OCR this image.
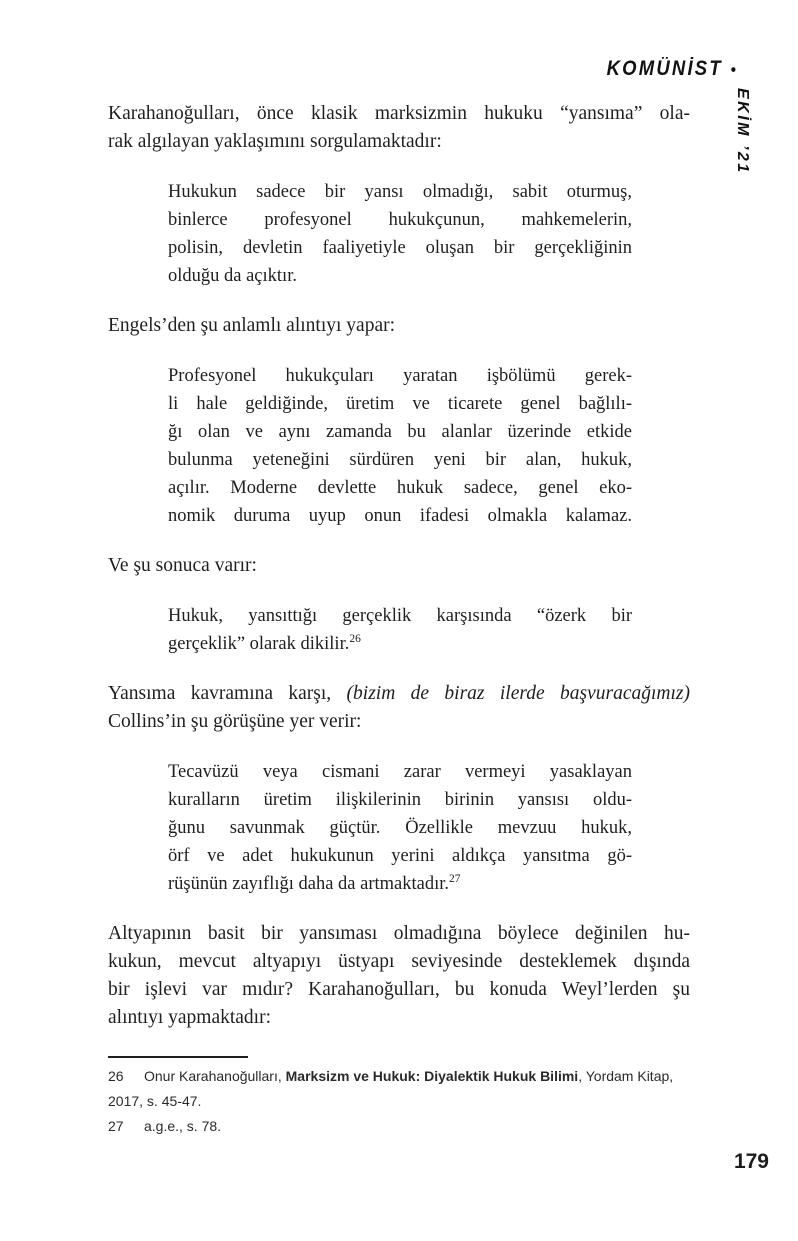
KOMÜNİST •
EKİM ’21
Karahanoğulları, önce klasik marksizmin hukuku “yansıma” ola-
rak algılayan yaklaşımını sorgulamaktadır:
Hukukun sadece bir yansı olmadığı, sabit oturmuş,
binlerce profesyonel hukukçunun, mahkemelerin,
polisin, devletin faaliyetiyle oluşan bir gerçekliğinin
olduğu da açıktır.
Engels’den şu anlamlı alıntıyı yapar:
Profesyonel hukukçuları yaratan işbölümü gerek-
li hale geldiğinde, üretim ve ticarete genel bağlılı-
ğı olan ve aynı zamanda bu alanlar üzerinde etkide
bulunma yeteneğini sürdüren yeni bir alan, hukuk,
açılır. Moderne devlette hukuk sadece, genel eko-
nomik duruma uyup onun ifadesi olmakla kalamaz.
Ve şu sonuca varır:
Hukuk, yansıttığı gerçeklik karşısında “özerk bir
gerçeklik” olarak dikilir.$^{26}$
Yansıma kavramına karşı, (bizim de biraz ilerde başvuracağımız)
Collins’in şu görüşüne yer verir:
Tecavüzü veya cismani zarar vermeyi yasaklayan
kuralların üretim ilişkilerinin birinin yansısı oldu-
ğunu savunmak güçtür. Özellikle mevzuu hukuk,
örf ve adet hukukunun yerini aldıkça yansıtma gö-
rüşünün zayıflığı daha da artmaktadır.$^{27}$
Altyapının basit bir yansıması olmadığına böylece değinilen hu-
kukun, mevcut altyapıyı üstyapı seviyesinde desteklemek dışında
bir işlevi var mıdır? Karahanoğulları, bu konuda Weyl’lerden şu
alıntıyı yapmaktadır:
26 Onur Karahanoğulları, Marksizm ve Hukuk: Diyalektik Hukuk Bilimi, Yordam Kitap,
2017, s. 45-47.
27 a.g.e., s. 78.
179
